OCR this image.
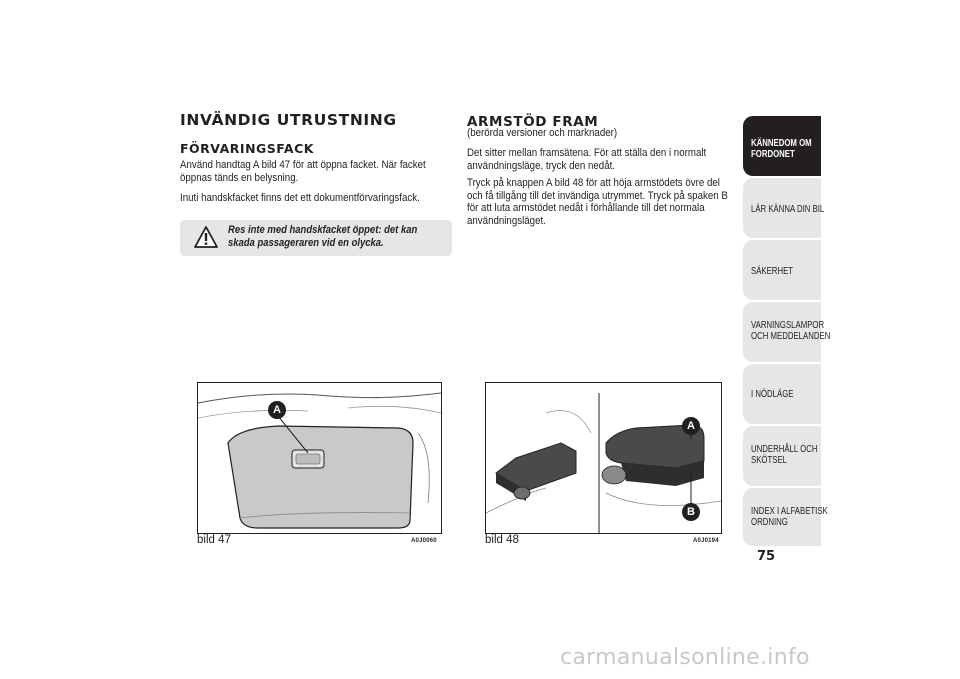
INVÄNDIG UTRUSTNING
FÖRVARINGSFACK
Använd handtag A bild 47 för att öppna facket. När facket öppnas tänds en belysning.
Inuti handskfacket finns det ett dokumentförvaringsfack.
Res inte med handskfacket öppet: det kan skada passageraren vid en olycka.
ARMSTÖD FRAM
(berörda versioner och marknader)
Det sitter mellan framsätena. För att ställa den i normalt användningsläge, tryck den nedåt.
Tryck på knappen A bild 48 för att höja armstödets övre del och få tillgång till det invändiga utrymmet. Tryck på spaken B för att luta armstödet nedåt i förhållande till det normala användningsläget.
A
bild 47	A0J0060
A
B
bild 48	A0J0194
KÄNNEDOM OM
FORDONET
LÄR KÄNNA DIN BIL
SÄKERHET
VARNINGSLAMPOR
OCH MEDDELANDEN
I NÖDLÄGE
UNDERHÅLL OCH
SKÖTSEL
INDEX I ALFABETISK
ORDNING
75
carmanualsonline.info
